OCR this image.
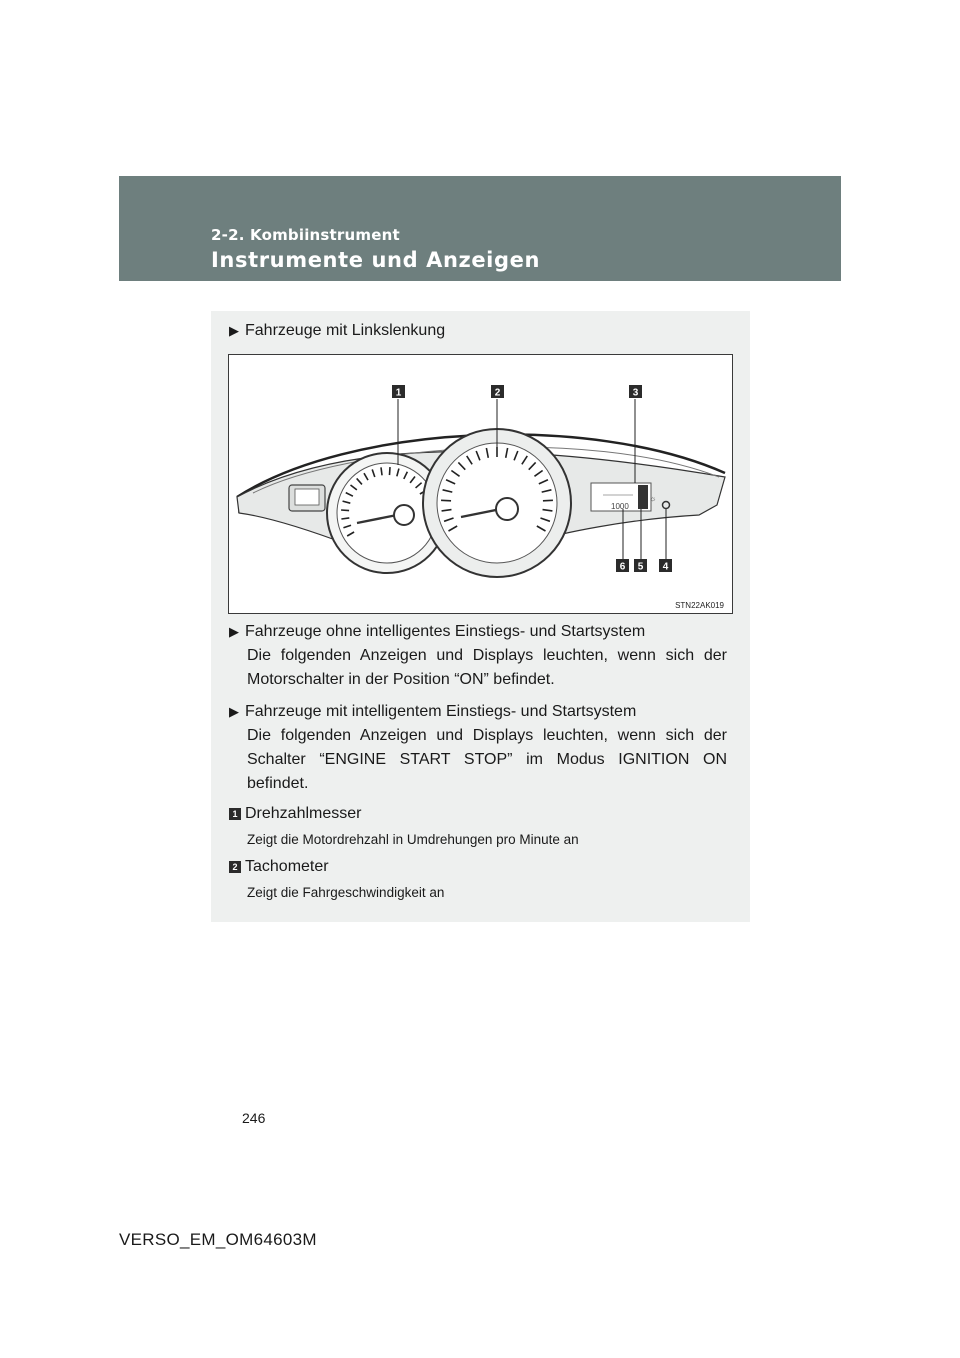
2-2. Kombiinstrument
Instrumente und Anzeigen
▶ Fahrzeuge mit Linkslenkung
1000
☼
1	2	3
4
5
6
STN22AK019
▶ Fahrzeuge ohne intelligentes Einstiegs- und Startsystem
Die folgenden Anzeigen und Displays leuchten, wenn sich der Motorschalter in der Position “ON” befindet.
▶ Fahrzeuge mit intelligentem Einstiegs- und Startsystem
Die folgenden Anzeigen und Displays leuchten, wenn sich der Schalter “ENGINE START STOP” im Modus IGNITION ON befindet.
1 Drehzahlmesser
Zeigt die Motordrehzahl in Umdrehungen pro Minute an
2 Tachometer
Zeigt die Fahrgeschwindigkeit an
246
VERSO_EM_OM64603M
